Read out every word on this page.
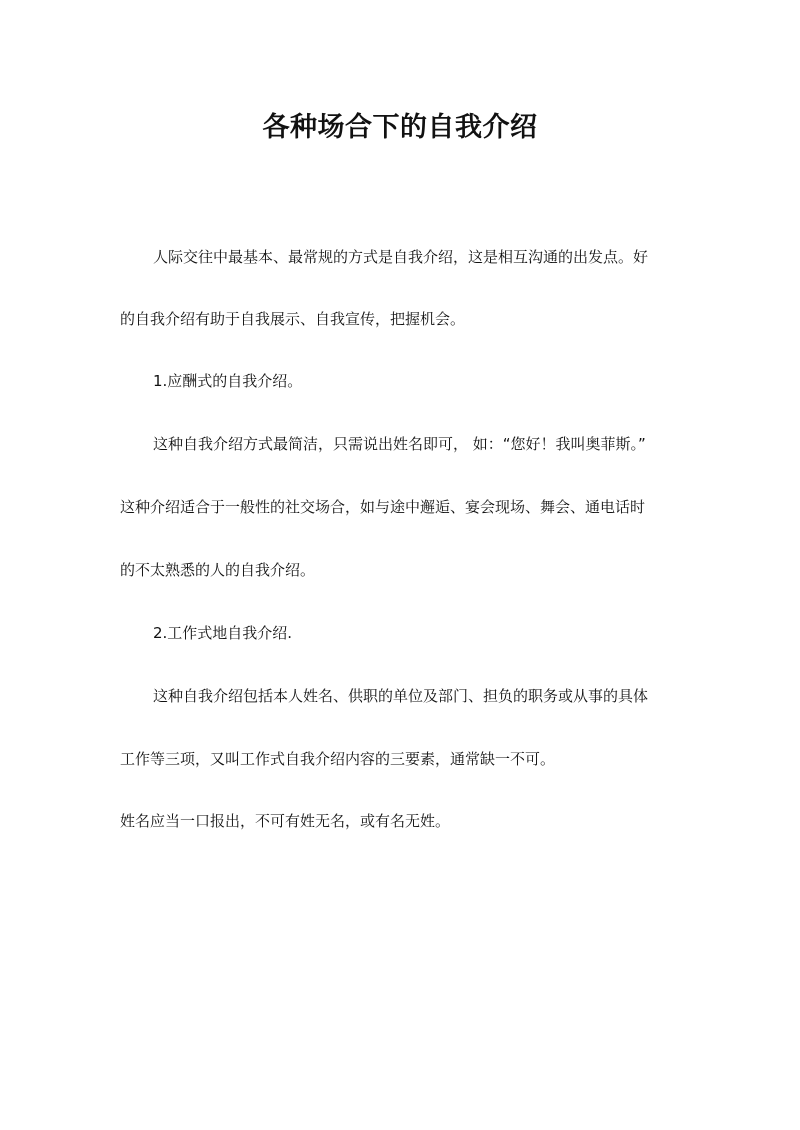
各种场合下的自我介绍
人际交往中最基本、最常规的方式是自我介绍，这是相互沟通的出发点。好
的自我介绍有助于自我展示、自我宣传，把握机会。
1.应酬式的自我介绍。
这种自我介绍方式最简洁，只需说出姓名即可， 如：“您好！我叫奥菲斯。”
这种介绍适合于一般性的社交场合，如与途中邂逅、宴会现场、舞会、通电话时
的不太熟悉的人的自我介绍。
2.工作式地自我介绍.
这种自我介绍包括本人姓名、供职的单位及部门、担负的职务或从事的具体
工作等三项，又叫工作式自我介绍内容的三要素，通常缺一不可。
姓名应当一口报出，不可有姓无名，或有名无姓。
